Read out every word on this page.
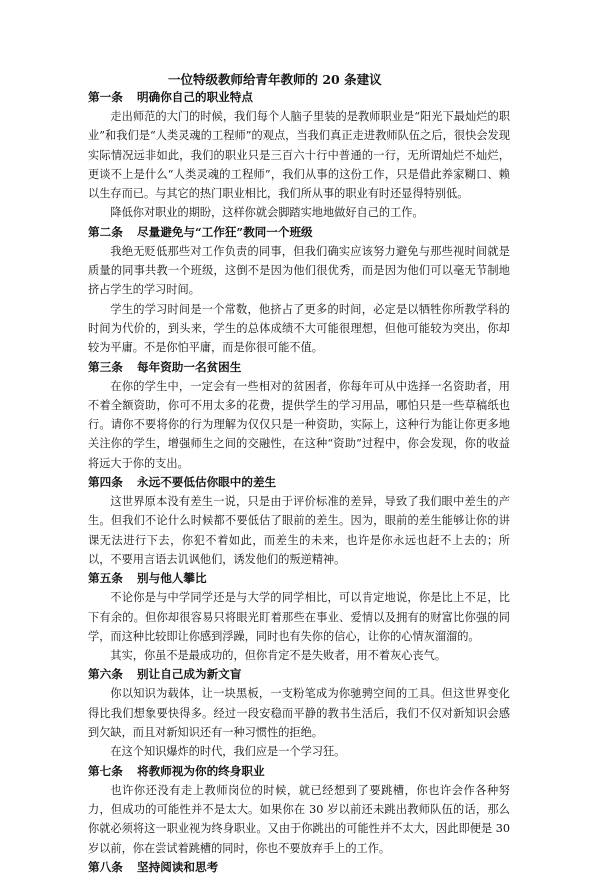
一位特级教师给青年教师的 20 条建议
第一条	明确你自己的职业特点

走出师范的大门的时候，我们每个人脑子里装的是教师职业是“阳光下最灿烂的职业”和我们是“人类灵魂的工程师”的观点，当我们真正走进教师队伍之后，很快会发现实际情况远非如此，我们的职业只是三百六十行中普通的一行，无所谓灿烂不灿烂，更谈不上是什么“人类灵魂的工程师”，我们从事的这份工作，只是借此养家糊口、赖以生存而已。与其它的热门职业相比，我们所从事的职业有时还显得特别低。

降低你对职业的期盼，这样你就会脚踏实地地做好自己的工作。

第二条	尽量避免与“工作狂”教同一个班级

我绝无贬低那些对工作负责的同事，但我们确实应该努力避免与那些视时间就是质量的同事共教一个班级，这倒不是因为他们很优秀，而是因为他们可以毫无节制地挤占学生的学习时间。

学生的学习时间是一个常数，他挤占了更多的时间，必定是以牺牲你所教学科的时间为代价的，到头来，学生的总体成绩不大可能很理想，但他可能较为突出，你却较为平庸。不是你怕平庸，而是你很可能不值。

第三条	每年资助一名贫困生

在你的学生中，一定会有一些相对的贫困者，你每年可从中选择一名资助者，用不着全额资助，你可不用太多的花费，提供学生的学习用品，哪怕只是一些草稿纸也行。请你不要将你的行为理解为仅仅只是一种资助，实际上，这种行为能让你更多地关注你的学生，增强师生之间的交融性，在这种“资助”过程中，你会发现，你的收益将远大于你的支出。

第四条	永远不要低估你眼中的差生

这世界原本没有差生一说，只是由于评价标准的差异，导致了我们眼中差生的产生。但我们不论什么时候都不要低估了眼前的差生。因为，眼前的差生能够让你的讲课无法进行下去，你犯不着如此，而差生的未来，也许是你永远也赶不上去的；所以，不要用言语去讥讽他们，诱发他们的叛逆精神。

第五条	别与他人攀比

不论你是与中学同学还是与大学的同学相比，可以肯定地说，你是比上不足，比下有余的。但你却很容易只将眼光盯着那些在事业、爱情以及拥有的财富比你强的同学，而这种比较即让你感到浮躁，同时也有失你的信心，让你的心情灰溜溜的。

其实，你虽不是最成功的，但你肯定不是失败者，用不着灰心丧气。

第六条	别让自己成为新文盲

你以知识为载体，让一块黑板，一支粉笔成为你驰骋空间的工具。但这世界变化得比我们想象要快得多。经过一段安稳而平静的教书生活后，我们不仅对新知识会感到欠缺，而且对新知识还有一种习惯性的拒绝。

在这个知识爆炸的时代，我们应是一个学习狂。

第七条	将教师视为你的终身职业

也许你还没有走上教师岗位的时候，就已经想到了要跳槽，你也许会作各种努力，但成功的可能性并不是太大。如果你在 30 岁以前还未跳出教师队伍的话，那么你就必须将这一职业视为终身职业。又由于你跳出的可能性并不太大，因此即便是 30 岁以前，你在尝试着跳槽的同时，你也不要放弃手上的工作。

第八条	坚持阅读和思考
